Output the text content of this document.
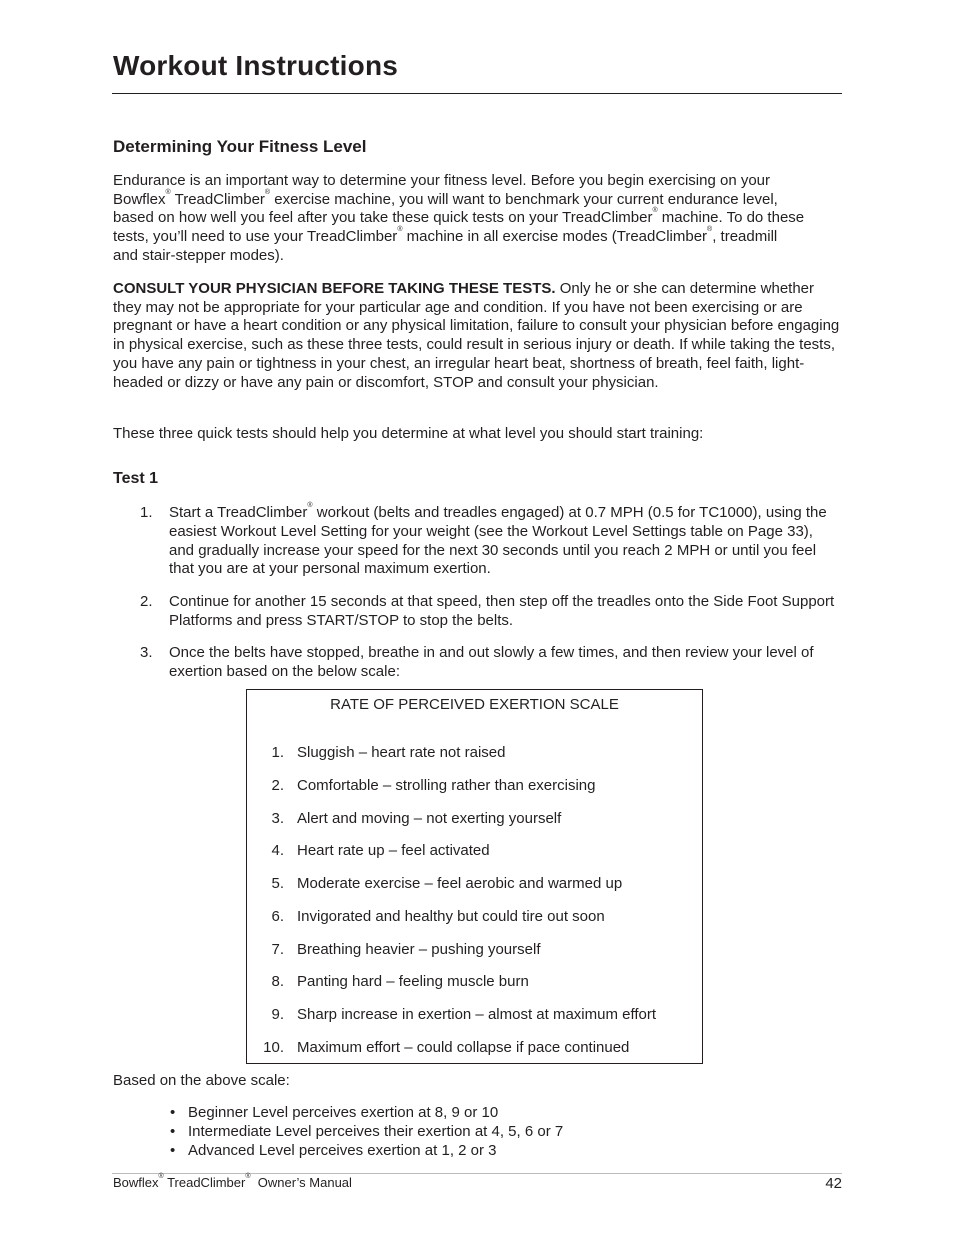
Workout Instructions
Determining Your Fitness Level
Endurance is an important way to determine your fitness level. Before you begin exercising on your
Bowflex® TreadClimber® exercise machine, you will want to benchmark your current endurance level,
based on how well you feel after you take these quick tests on your TreadClimber® machine. To do these
tests, you’ll need to use your TreadClimber® machine in all exercise modes (TreadClimber®, treadmill
and stair-stepper modes).

CONSULT YOUR PHYSICIAN BEFORE TAKING THESE TESTS. Only he or she can determine whether they may not be appropriate for your particular age and condition. If you have not been exercising or are pregnant or have a heart condition or any physical limitation, failure to consult your physician before engaging in physical exercise, such as these three tests, could result in serious injury or death. If while taking the tests, you have any pain or tightness in your chest, an irregular heart beat, shortness of breath, feel faith, light-headed or dizzy or have any pain or discomfort, STOP and consult your physician.

These three quick tests should help you determine at what level you should start training:

Test 1
1. Start a TreadClimber® workout (belts and treadles engaged) at 0.7 MPH (0.5 for TC1000), using the easiest Workout Level Setting for your weight (see the Workout Level Settings table on Page 33), and gradually increase your speed for the next 30 seconds until you reach 2 MPH or until you feel that you are at your personal maximum exertion.
2. Continue for another 15 seconds at that speed, then step off the treadles onto the Side Foot Support Platforms and press START/STOP to stop the belts.
3. Once the belts have stopped, breathe in and out slowly a few times, and then review your level of exertion based on the below scale:
RATE OF PERCEIVED EXERTION SCALE
1. Sluggish – heart rate not raised
2. Comfortable – strolling rather than exercising
3. Alert and moving – not exerting yourself
4. Heart rate up – feel activated
5. Moderate exercise – feel aerobic and warmed up
6. Invigorated and healthy but could tire out soon
7. Breathing heavier – pushing yourself
8. Panting hard – feeling muscle burn
9. Sharp increase in exertion – almost at maximum effort
10. Maximum effort – could collapse if pace continued

Based on the above scale:

• Beginner Level perceives exertion at 8, 9 or 10
• Intermediate Level perceives their exertion at 4, 5, 6 or 7
• Advanced Level perceives exertion at 1, 2 or 3
Bowflex® TreadClimber®  Owner’s Manual	42
